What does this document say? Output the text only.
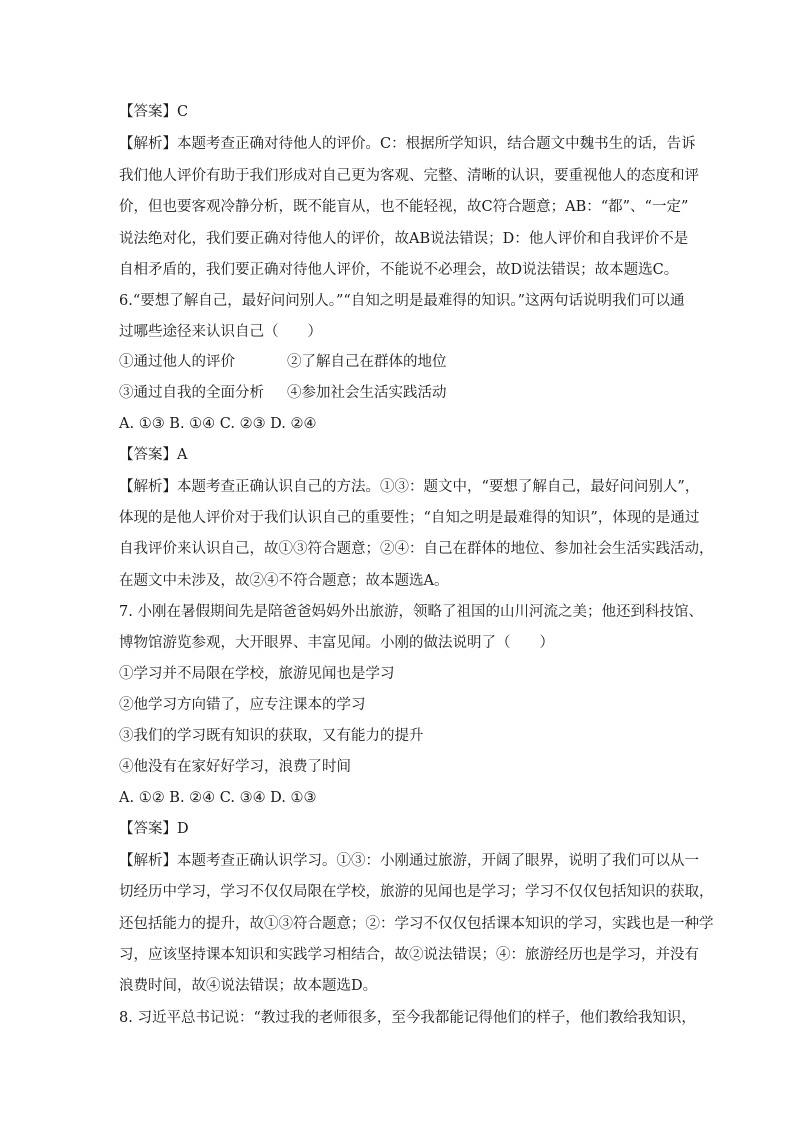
【答案】C
【解析】本题考查正确对待他人的评价。C：根据所学知识，结合题文中魏书生的话，告诉
我们他人评价有助于我们形成对自己更为客观、完整、清晰的认识，要重视他人的态度和评
价，但也要客观冷静分析，既不能盲从，也不能轻视，故C符合题意；AB：“都”、“一定”
说法绝对化，我们要正确对待他人的评价，故AB说法错误；D：他人评价和自我评价不是
自相矛盾的，我们要正确对待他人评价，不能说不必理会，故D说法错误；故本题选C。
6.“要想了解自己，最好问问别人。”“自知之明是最难得的知识。”这两句话说明我们可以通
过哪些途径来认识自己（　　）
①通过他人的评价	②了解自己在群体的地位
③通过自我的全面分析 ④参加社会生活实践活动
A. ①③ B. ①④ C. ②③ D. ②④
【答案】A
【解析】本题考查正确认识自己的方法。①③：题文中，“要想了解自己，最好问问别人”，
体现的是他人评价对于我们认识自己的重要性；“自知之明是最难得的知识”，体现的是通过
自我评价来认识自己，故①③符合题意；②④：自己在群体的地位、参加社会生活实践活动，
在题文中未涉及，故②④不符合题意；故本题选A。
7. 小刚在暑假期间先是陪爸爸妈妈外出旅游，领略了祖国的山川河流之美；他还到科技馆、
博物馆游览参观，大开眼界、丰富见闻。小刚的做法说明了（　　）
①学习并不局限在学校，旅游见闻也是学习
②他学习方向错了，应专注课本的学习
③我们的学习既有知识的获取，又有能力的提升
④他没有在家好好学习，浪费了时间
A. ①② B. ②④ C. ③④ D. ①③
【答案】D
【解析】本题考查正确认识学习。①③：小刚通过旅游，开阔了眼界，说明了我们可以从一
切经历中学习，学习不仅仅局限在学校，旅游的见闻也是学习；学习不仅仅包括知识的获取，
还包括能力的提升，故①③符合题意；②：学习不仅仅包括课本知识的学习，实践也是一种学
习，应该坚持课本知识和实践学习相结合，故②说法错误；④：旅游经历也是学习，并没有
浪费时间，故④说法错误；故本题选D。
8. 习近平总书记说：“教过我的老师很多，至今我都能记得他们的样子，他们教给我知识，
